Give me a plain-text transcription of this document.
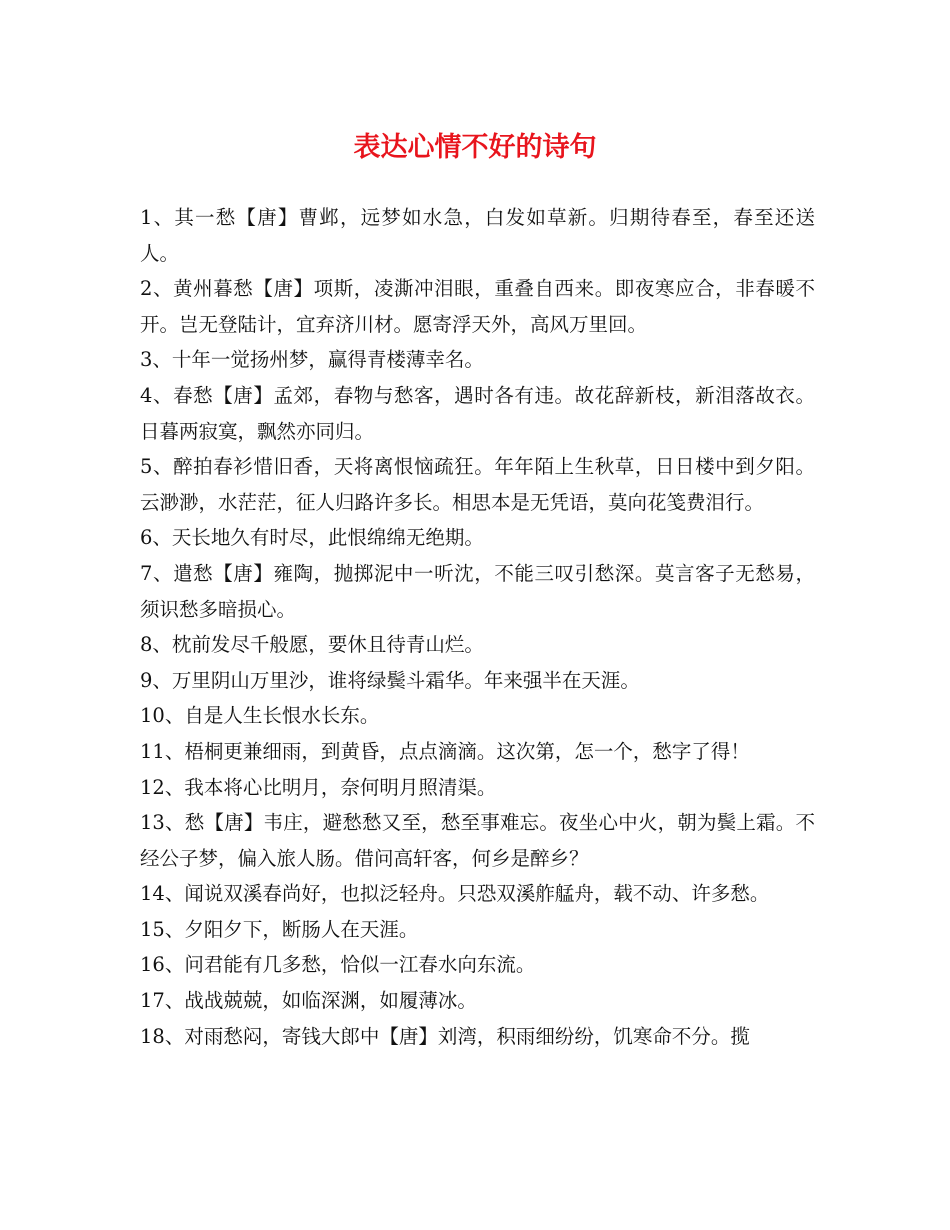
表达心情不好的诗句

1、其一愁【唐】曹邺，远梦如水急，白发如草新。归期待春至，春至还送人。

2、黄州暮愁【唐】项斯，凌澌冲泪眼，重叠自西来。即夜寒应合，非春暖不开。岂无登陆计，宜弃济川材。愿寄浮天外，高风万里回。

3、十年一觉扬州梦，赢得青楼薄幸名。

4、春愁【唐】孟郊，春物与愁客，遇时各有违。故花辞新枝，新泪落故衣。日暮两寂寞，飘然亦同归。

5、醉拍春衫惜旧香，天将离恨恼疏狂。年年陌上生秋草，日日楼中到夕阳。云渺渺，水茫茫，征人归路许多长。相思本是无凭语，莫向花笺费泪行。

6、天长地久有时尽，此恨绵绵无绝期。

7、遣愁【唐】雍陶，抛掷泥中一听沈，不能三叹引愁深。莫言客子无愁易，须识愁多暗损心。

8、枕前发尽千般愿，要休且待青山烂。

9、万里阴山万里沙，谁将绿鬓斗霜华。年来强半在天涯。

10、自是人生长恨水长东。

11、梧桐更兼细雨，到黄昏，点点滴滴。这次第，怎一个，愁字了得！

12、我本将心比明月，奈何明月照清渠。

13、愁【唐】韦庄，避愁愁又至，愁至事难忘。夜坐心中火，朝为鬓上霜。不经公子梦，偏入旅人肠。借问高轩客，何乡是醉乡？

14、闻说双溪春尚好，也拟泛轻舟。只恐双溪舴艋舟，载不动、许多愁。

15、夕阳夕下，断肠人在天涯。

16、问君能有几多愁，恰似一江春水向东流。

17、战战兢兢，如临深渊，如履薄冰。

18、对雨愁闷，寄钱大郎中【唐】刘湾，积雨细纷纷，饥寒命不分。揽
